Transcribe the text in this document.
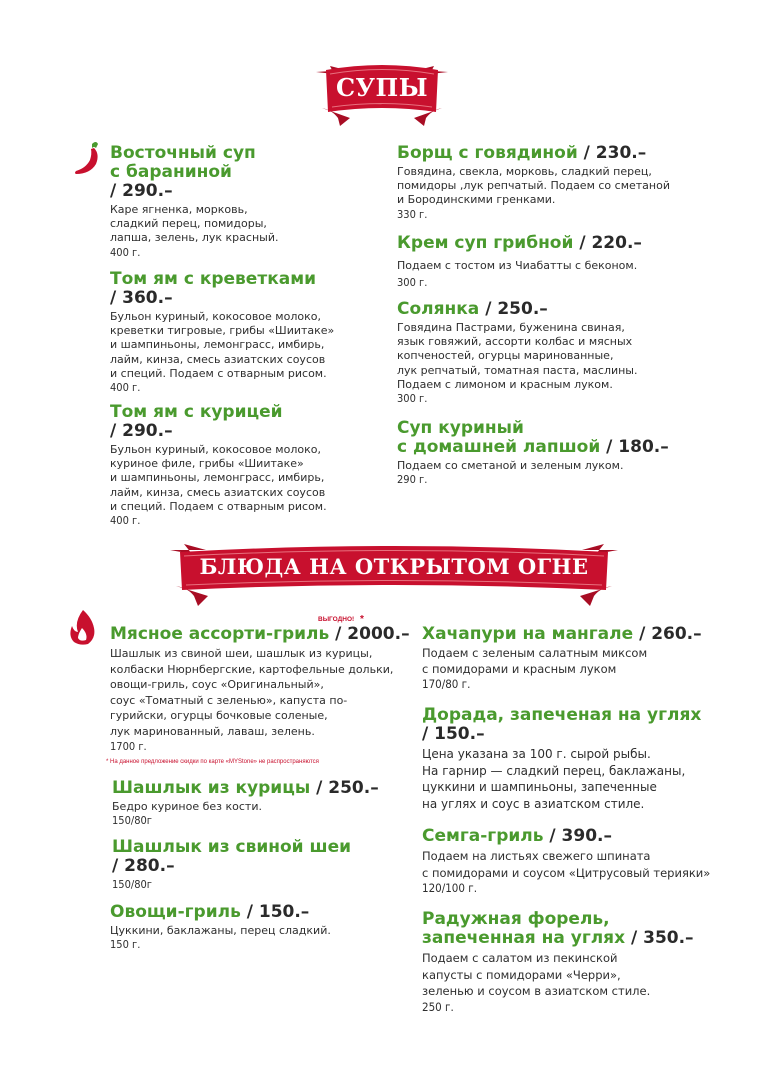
СУПЫ
БЛЮДА НА ОТКРЫТОМ ОГНЕ
Восточный суп
с бараниной
/ 290.–
Каре ягненка, морковь,
сладкий перец, помидоры,
лапша, зелень, лук красный.
400 г.
Том ям с креветками
/ 360.–
Бульон куриный, кокосовое молоко,
креветки тигровые, грибы «Шиитаке»
и шампиньоны, лемонграсс, имбирь,
лайм, кинза, смесь азиатских соусов
и специй. Подаем с отварным рисом.
400 г.
Том ям с курицей
/ 290.–
Бульон куриный, кокосовое молоко,
куриное филе, грибы «Шиитаке»
и шампиньоны, лемонграсс, имбирь,
лайм, кинза, смесь азиатских соусов
и специй. Подаем с отварным рисом.
400 г.
Борщ с говядиной / 230.–
Говядина, свекла, морковь, сладкий перец,
помидоры ,лук репчатый. Подаем со сметаной
и Бородинскими гренками.
330 г.
Крем суп грибной / 220.–
Подаем с тостом из Чиабатты с беконом.
300 г.
Солянка / 250.–
Говядина Пастрами, буженина свиная,
язык говяжий, ассорти колбас и мясных
копченостей, огурцы маринованные,
лук репчатый, томатная паста, маслины.
Подаем с лимоном и красным луком.
300 г.
Суп куриный
с домашней лапшой / 180.–
Подаем со сметаной и зеленым луком.
290 г.
ВЫГОДНО! *
Мясное ассорти-гриль / 2000.–
Шашлык из свиной шеи, шашлык из курицы,
колбаски Нюрнбергские, картофельные дольки,
овощи-гриль, соус «Оригинальный»,
соус «Томатный с зеленью», капуста по-
гурийски, огурцы бочковые соленые,
лук маринованный, лаваш, зелень.
1700 г.
* На данное предложение скидки по карте «MYStone» не распространяются
Шашлык из курицы / 250.–
Бедро куриное без кости.
150/80г
Шашлык из свиной шеи
/ 280.–
150/80г
Овощи-гриль / 150.–
Цуккини, баклажаны, перец сладкий.
150 г.
Хачапури на мангале / 260.–
Подаем с зеленым салатным миксом
с помидорами и красным луком
170/80 г.
Дорада, запеченая на углях
/ 150.–
Цена указана за 100 г. сырой рыбы.
На гарнир — сладкий перец, баклажаны,
цуккини и шампиньоны, запеченные
на углях и соус в азиатском стиле.
Семга-гриль / 390.–
Подаем на листьях свежего шпината
с помидорами и соусом «Цитрусовый терияки»
120/100 г.
Радужная форель,
запеченная на углях / 350.–
Подаем с салатом из пекинской
капусты с помидорами «Черри»,
зеленью и соусом в азиатском стиле.
250 г.
